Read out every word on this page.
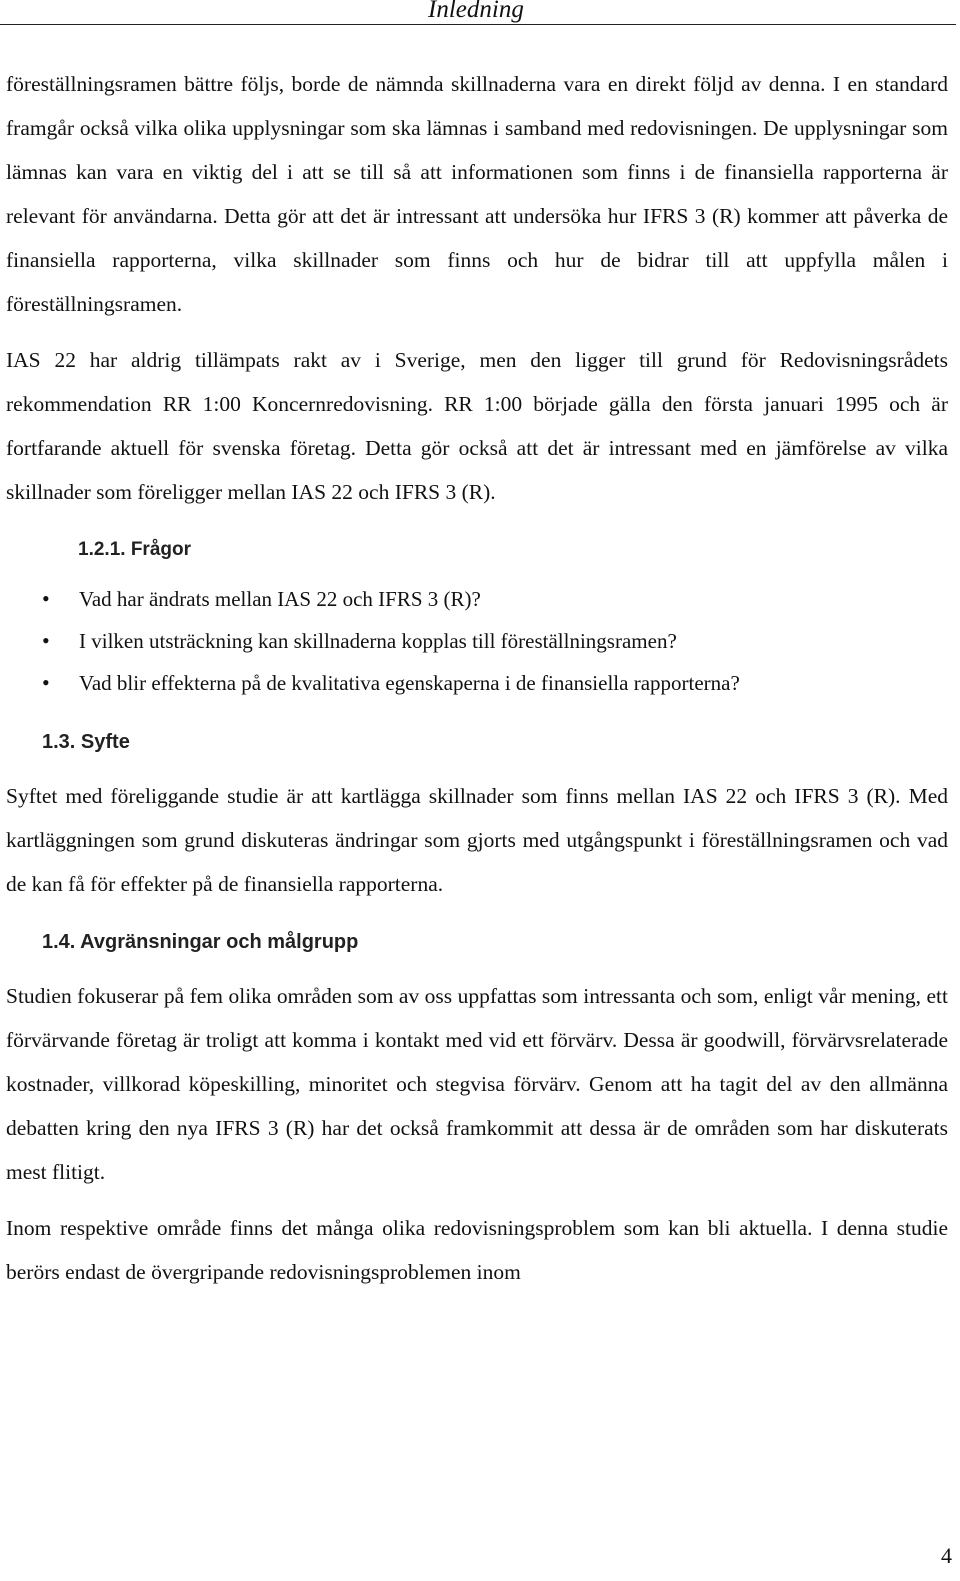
Inledning

föreställningsramen bättre följs, borde de nämnda skillnaderna vara en direkt följd av denna. I en standard framgår också vilka olika upplysningar som ska lämnas i samband med redovisningen. De upplysningar som lämnas kan vara en viktig del i att se till så att informationen som finns i de finansiella rapporterna är relevant för användarna. Detta gör att det är intressant att undersöka hur IFRS 3 (R) kommer att påverka de finansiella rapporterna, vilka skillnader som finns och hur de bidrar till att uppfylla målen i föreställningsramen.

IAS 22 har aldrig tillämpats rakt av i Sverige, men den ligger till grund för Redovisningsrådets rekommendation RR 1:00 Koncernredovisning. RR 1:00 började gälla den första januari 1995 och är fortfarande aktuell för svenska företag. Detta gör också att det är intressant med en jämförelse av vilka skillnader som föreligger mellan IAS 22 och IFRS 3 (R).

1.2.1. Frågor
• Vad har ändrats mellan IAS 22 och IFRS 3 (R)?
• I vilken utsträckning kan skillnaderna kopplas till föreställningsramen?
• Vad blir effekterna på de kvalitativa egenskaperna i de finansiella rapporterna?
1.3. Syfte

Syftet med föreliggande studie är att kartlägga skillnader som finns mellan IAS 22 och IFRS 3 (R). Med kartläggningen som grund diskuteras ändringar som gjorts med utgångspunkt i föreställningsramen och vad de kan få för effekter på de finansiella rapporterna.

1.4. Avgränsningar och målgrupp

Studien fokuserar på fem olika områden som av oss uppfattas som intressanta och som, enligt vår mening, ett förvärvande företag är troligt att komma i kontakt med vid ett förvärv. Dessa är goodwill, förvärvsrelaterade kostnader, villkorad köpeskilling, minoritet och stegvisa förvärv. Genom att ha tagit del av den allmänna debatten kring den nya IFRS 3 (R) har det också framkommit att dessa är de områden som har diskuterats mest flitigt.

Inom respektive område finns det många olika redovisningsproblem som kan bli aktuella. I denna studie berörs endast de övergripande redovisningsproblemen inom

4
